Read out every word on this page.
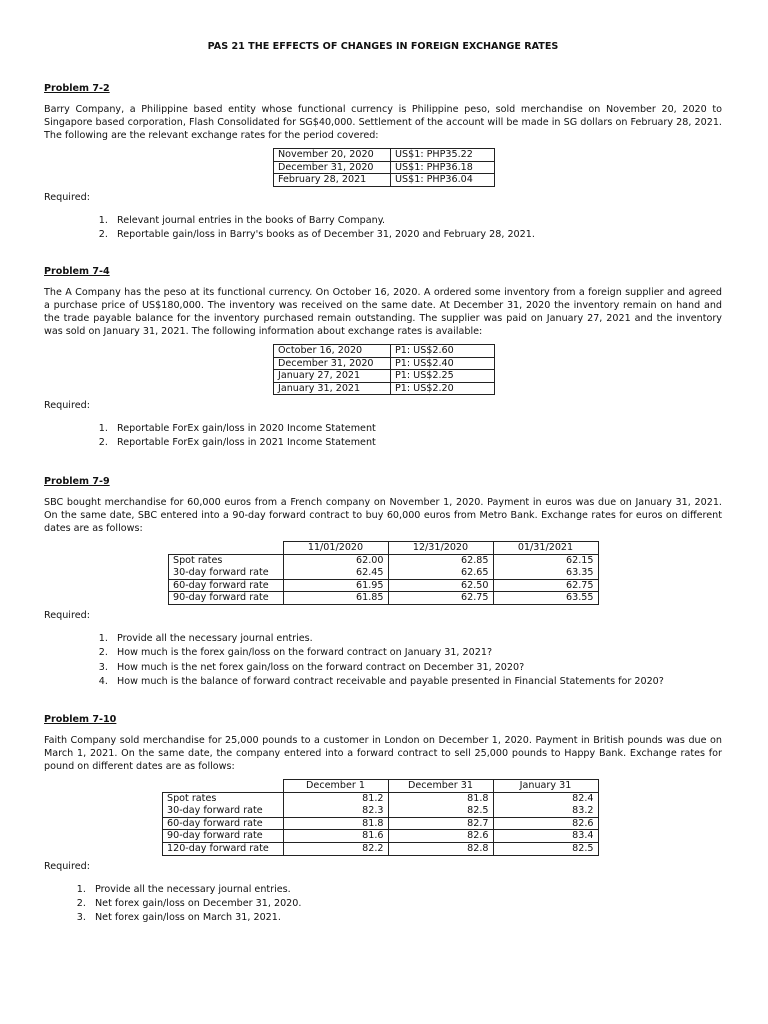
PAS 21 THE EFFECTS OF CHANGES IN FOREIGN EXCHANGE RATES
Problem 7-2
Barry Company, a Philippine based entity whose functional currency is Philippine peso, sold merchandise on November 20, 2020 to Singapore based corporation, Flash Consolidated for SG$40,000. Settlement of the account will be made in SG dollars on February 28, 2021. The following are the relevant exchange rates for the period covered:
November 20, 2020	US$1: PHP35.22
December 31, 2020	US$1: PHP36.18
February 28, 2021	US$1: PHP36.04
Required:
1. Relevant journal entries in the books of Barry Company.
2. Reportable gain/loss in Barry's books as of December 31, 2020 and February 28, 2021.
Problem 7-4
The A Company has the peso at its functional currency. On October 16, 2020. A ordered some inventory from a foreign supplier and agreed a purchase price of US$180,000. The inventory was received on the same date. At December 31, 2020 the inventory remain on hand and the trade payable balance for the inventory purchased remain outstanding. The supplier was paid on January 27, 2021 and the inventory was sold on January 31, 2021. The following information about exchange rates is available:
October 16, 2020	P1: US$2.60
December 31, 2020	P1: US$2.40
January 27, 2021	P1: US$2.25
January 31, 2021	P1: US$2.20
Required:
1. Reportable ForEx gain/loss in 2020 Income Statement
2. Reportable ForEx gain/loss in 2021 Income Statement
Problem 7-9
SBC bought merchandise for 60,000 euros from a French company on November 1, 2020. Payment in euros was due on January 31, 2021. On the same date, SBC entered into a 90-day forward contract to buy 60,000 euros from Metro Bank. Exchange rates for euros on different dates are as follows:
	11/01/2020	12/31/2020	01/31/2021
Spot rates	62.00	62.85	62.15
30-day forward rate	62.45	62.65	63.35
60-day forward rate	61.95	62.50	62.75
90-day forward rate	61.85	62.75	63.55
Required:
1. Provide all the necessary journal entries.
2. How much is the forex gain/loss on the forward contract on January 31, 2021?
3. How much is the net forex gain/loss on the forward contract on December 31, 2020?
4. How much is the balance of forward contract receivable and payable presented in Financial Statements for 2020?
Problem 7-10
Faith Company sold merchandise for 25,000 pounds to a customer in London on December 1, 2020. Payment in British pounds was due on March 1, 2021. On the same date, the company entered into a forward contract to sell 25,000 pounds to Happy Bank. Exchange rates for pound on different dates are as follows:
	December 1	December 31	January 31
Spot rates	81.2	81.8	82.4
30-day forward rate	82.3	82.5	83.2
60-day forward rate	81.8	82.7	82.6
90-day forward rate	81.6	82.6	83.4
120-day forward rate	82.2	82.8	82.5
Required:
1. Provide all the necessary journal entries.
2. Net forex gain/loss on December 31, 2020.
3. Net forex gain/loss on March 31, 2021.
